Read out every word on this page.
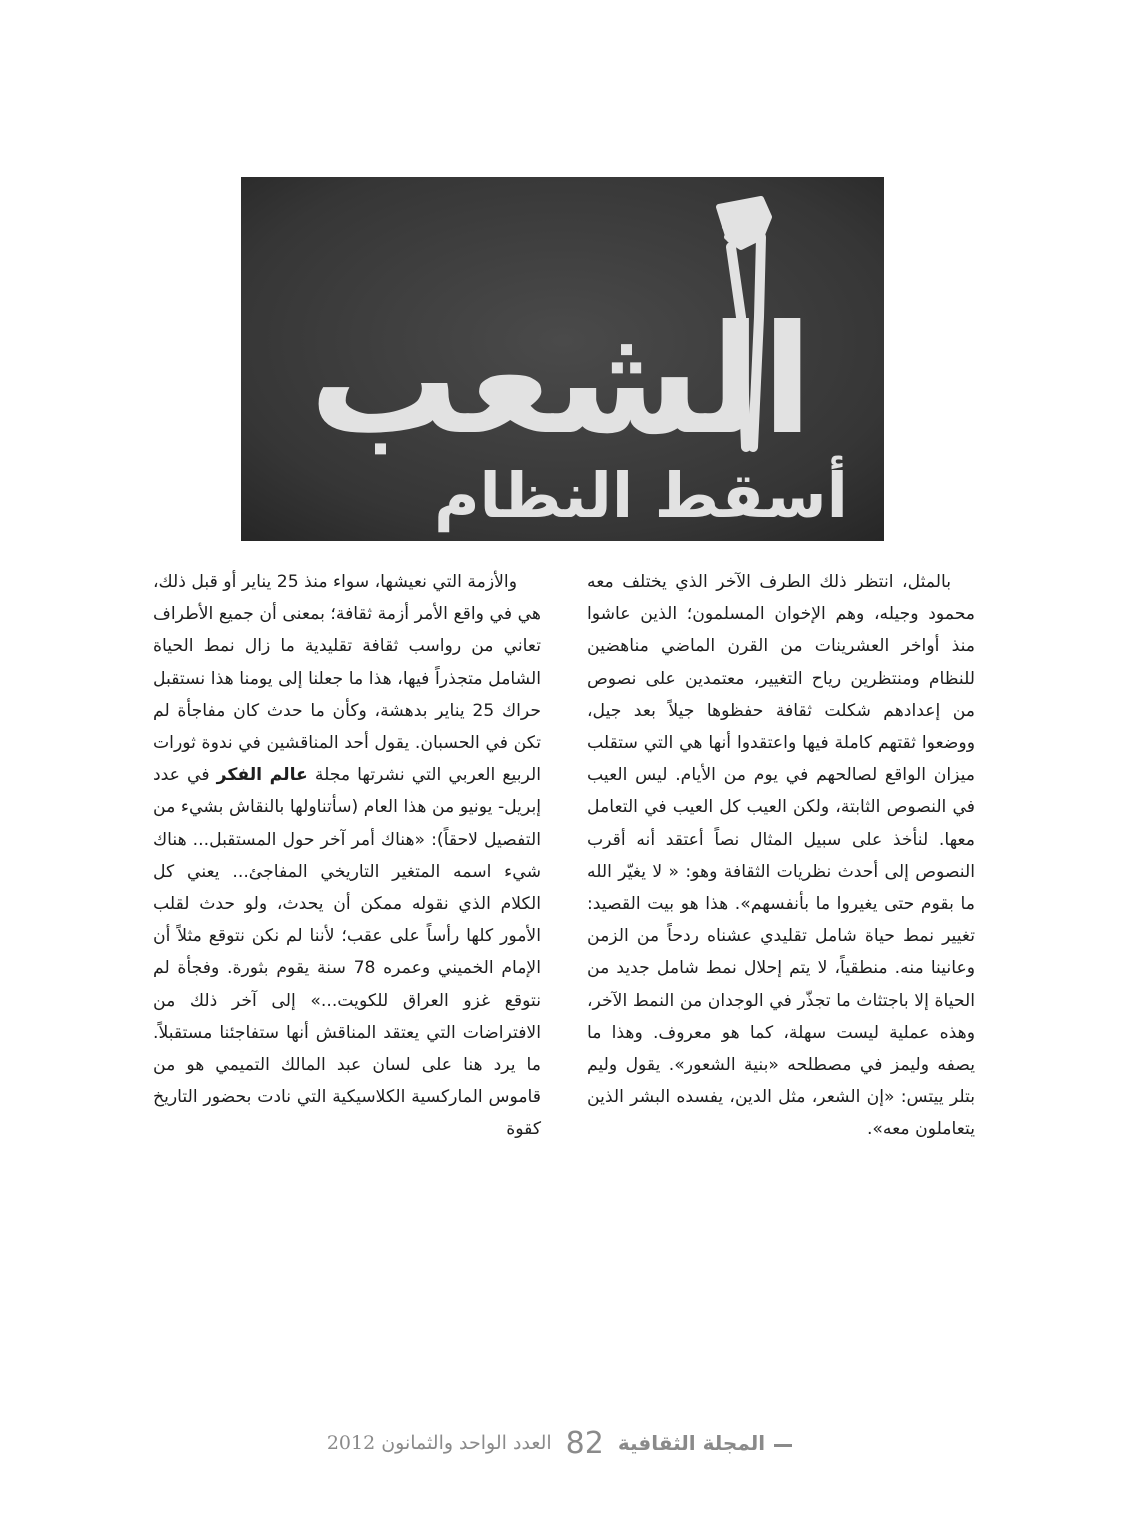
الشعب
أسقط النظام

بالمثل، انتظر ذلك الطرف الآخر الذي يختلف معه محمود وجيله، وهم الإخوان المسلمون؛ الذين عاشوا منذ أواخر العشرينات من القرن الماضي مناهضين للنظام ومنتظرين رياح التغيير، معتمدين على نصوص من إعدادهم شكلت ثقافة حفظوها جيلاً بعد جيل، ووضعوا ثقتهم كاملة فيها واعتقدوا أنها هي التي ستقلب ميزان الواقع لصالحهم في يوم من الأيام. ليس العيب في النصوص الثابتة، ولكن العيب كل العيب في التعامل معها. لنأخذ على سبيل المثال نصاً أعتقد أنه أقرب النصوص إلى أحدث نظريات الثقافة وهو: « لا يغيّر الله ما بقوم حتى يغيروا ما بأنفسهم». هذا هو بيت القصيد: تغيير نمط حياة شامل تقليدي عشناه ردحاً من الزمن وعانينا منه. منطقياً، لا يتم إحلال نمط شامل جديد من الحياة إلا باجتثاث ما تجذّر في الوجدان من النمط الآخر، وهذه عملية ليست سهلة، كما هو معروف. وهذا ما يصفه وليمز في مصطلحه «بنية الشعور». يقول وليم بتلر ييتس: «إن الشعر، مثل الدين، يفسده البشر الذين يتعاملون معه».

والأزمة التي نعيشها، سواء منذ 25 يناير أو قبل ذلك، هي في واقع الأمر أزمة ثقافة؛ بمعنى أن جميع الأطراف تعاني من رواسب ثقافة تقليدية ما زال نمط الحياة الشامل متجذراً فيها، هذا ما جعلنا إلى يومنا هذا نستقبل حراك 25 يناير بدهشة، وكأن ما حدث كان مفاجأة لم تكن في الحسبان. يقول أحد المناقشين في ندوة ثورات الربيع العربي التي نشرتها مجلة عالم الفكر في عدد إبريل- يونيو من هذا العام (سأتناولها بالنقاش بشيء من التفصيل لاحقاً): «هناك أمر آخر حول المستقبل... هناك شيء اسمه المتغير التاريخي المفاجئ... يعني كل الكلام الذي نقوله ممكن أن يحدث، ولو حدث لقلب الأمور كلها رأساً على عقب؛ لأننا لم نكن نتوقع مثلاً أن الإمام الخميني وعمره 78 سنة يقوم بثورة. وفجأة لم نتوقع غزو العراق للكويت...» إلى آخر ذلك من الافتراضات التي يعتقد المناقش أنها ستفاجئنا مستقبلاً. ما يرد هنا على لسان عبد المالك التميمي هو من قاموس الماركسية الكلاسيكية التي نادت بحضور التاريخ كقوة

المجلة الثقافية
82
العدد الواحد والثمانون 2012
